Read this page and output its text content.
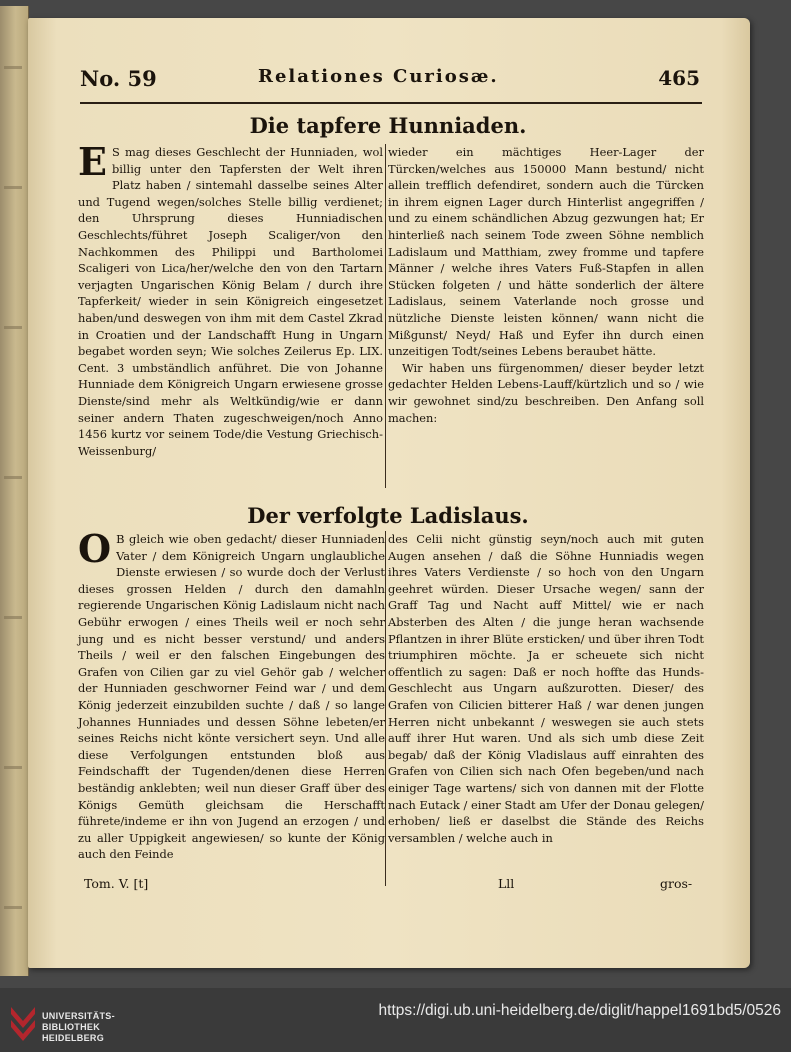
No. 59	Relationes Curiosæ.	465
Die tapfere Hunniaden.

E S mag dieses Geschlecht der Hunniaden, wol billig unter den Tapfersten der Welt ihren Platz haben / sintemahl dasselbe seines Alter und Tugend wegen/solches Stelle billig verdienet; den Uhrsprung dieses Hunniadischen Geschlechts/führet Joseph Scaliger/von den Nachkommen des Philippi und Bartholomei Scaligeri von Lica/her/welche den von den Tartarn verjagten Ungarischen König Belam / durch ihre Tapferkeit/ wieder in sein Königreich eingesetzet haben/und deswegen von ihm mit dem Castel Zkrad in Croatien und der Landschafft Hung in Ungarn begabet worden seyn; Wie solches Zeilerus Ep. LIX. Cent. 3 umbständlich anführet. Die von Johanne Hunniade dem Königreich Ungarn erwiesene grosse Dienste/sind mehr als Weltkündig/wie er dann seiner andern Thaten zugeschweigen/noch Anno 1456 kurtz vor seinem Tode/die Vestung Griechisch-Weissenburg/

wieder ein mächtiges Heer-Lager der Türcken/welches aus 150000 Mann bestund/ nicht allein trefflich defendiret, sondern auch die Türcken in ihrem eignen Lager durch Hinterlist angegriffen / und zu einem schändlichen Abzug gezwungen hat; Er hinterließ nach seinem Tode zween Söhne nemblich Ladislaum und Matthiam, zwey fromme und tapfere Männer / welche ihres Vaters Fuß-Stapfen in allen Stücken folgeten / und hätte sonderlich der ältere Ladislaus, seinem Vaterlande noch grosse und nützliche Dienste leisten können/ wann nicht die Mißgunst/ Neyd/ Haß und Eyfer ihn durch einen unzeitigen Todt/seines Lebens beraubet hätte.

Wir haben uns fürgenommen/ dieser beyder letzt gedachter Helden Lebens-Lauff/kürtzlich und so / wie wir gewohnet sind/zu beschreiben. Den Anfang soll machen:

Der verfolgte Ladislaus.

O B gleich wie oben gedacht/ dieser Hunniaden Vater / dem Königreich Ungarn unglaubliche Dienste erwiesen / so wurde doch der Verlust dieses grossen Helden / durch den damahln regierende Ungarischen König Ladislaum nicht nach Gebühr erwogen / eines Theils weil er noch sehr jung und es nicht besser verstund/ und anders Theils / weil er den falschen Eingebungen des Grafen von Cilien gar zu viel Gehör gab / welcher der Hunniaden geschworner Feind war / und dem König jederzeit einzubilden suchte / daß / so lange Johannes Hunniades und dessen Söhne lebeten/er seines Reichs nicht könte versichert seyn. Und alle diese Verfolgungen entstunden bloß aus Feindschafft der Tugenden/denen diese Herren beständig anklebten; weil nun dieser Graff über des Königs Gemüth gleichsam die Herschafft führete/indeme er ihn von Jugend an erzogen / und zu aller Uppigkeit angewiesen/ so kunte der König auch den Feinde

des Celii nicht günstig seyn/noch auch mit guten Augen ansehen / daß die Söhne Hunniadis wegen ihres Vaters Verdienste / so hoch von den Ungarn geehret würden. Dieser Ursache wegen/ sann der Graff Tag und Nacht auff Mittel/ wie er nach Absterben des Alten / die junge heran wachsende Pflantzen in ihrer Blüte ersticken/ und über ihren Todt triumphiren möchte. Ja er scheuete sich nicht offentlich zu sagen: Daß er noch hoffte das Hunds-Geschlecht aus Ungarn außzurotten. Dieser/ des Grafen von Cilicien bitterer Haß / war denen jungen Herren nicht unbekannt / weswegen sie auch stets auff ihrer Hut waren. Und als sich umb diese Zeit begab/ daß der König Vladislaus auff einrahten des Grafen von Cilien sich nach Ofen begeben/und nach einiger Tage wartens/ sich von dannen mit der Flotte nach Eutack / einer Stadt am Ufer der Donau gelegen/ erhoben/ ließ er daselbst die Stände des Reichs versamblen / welche auch in

Tom. V. [t]	Lll	gros-
UNIVERSITÄTS-
BIBLIOTHEK
HEIDELBERG
https://digi.ub.uni-heidelberg.de/diglit/happel1691bd5/0526
